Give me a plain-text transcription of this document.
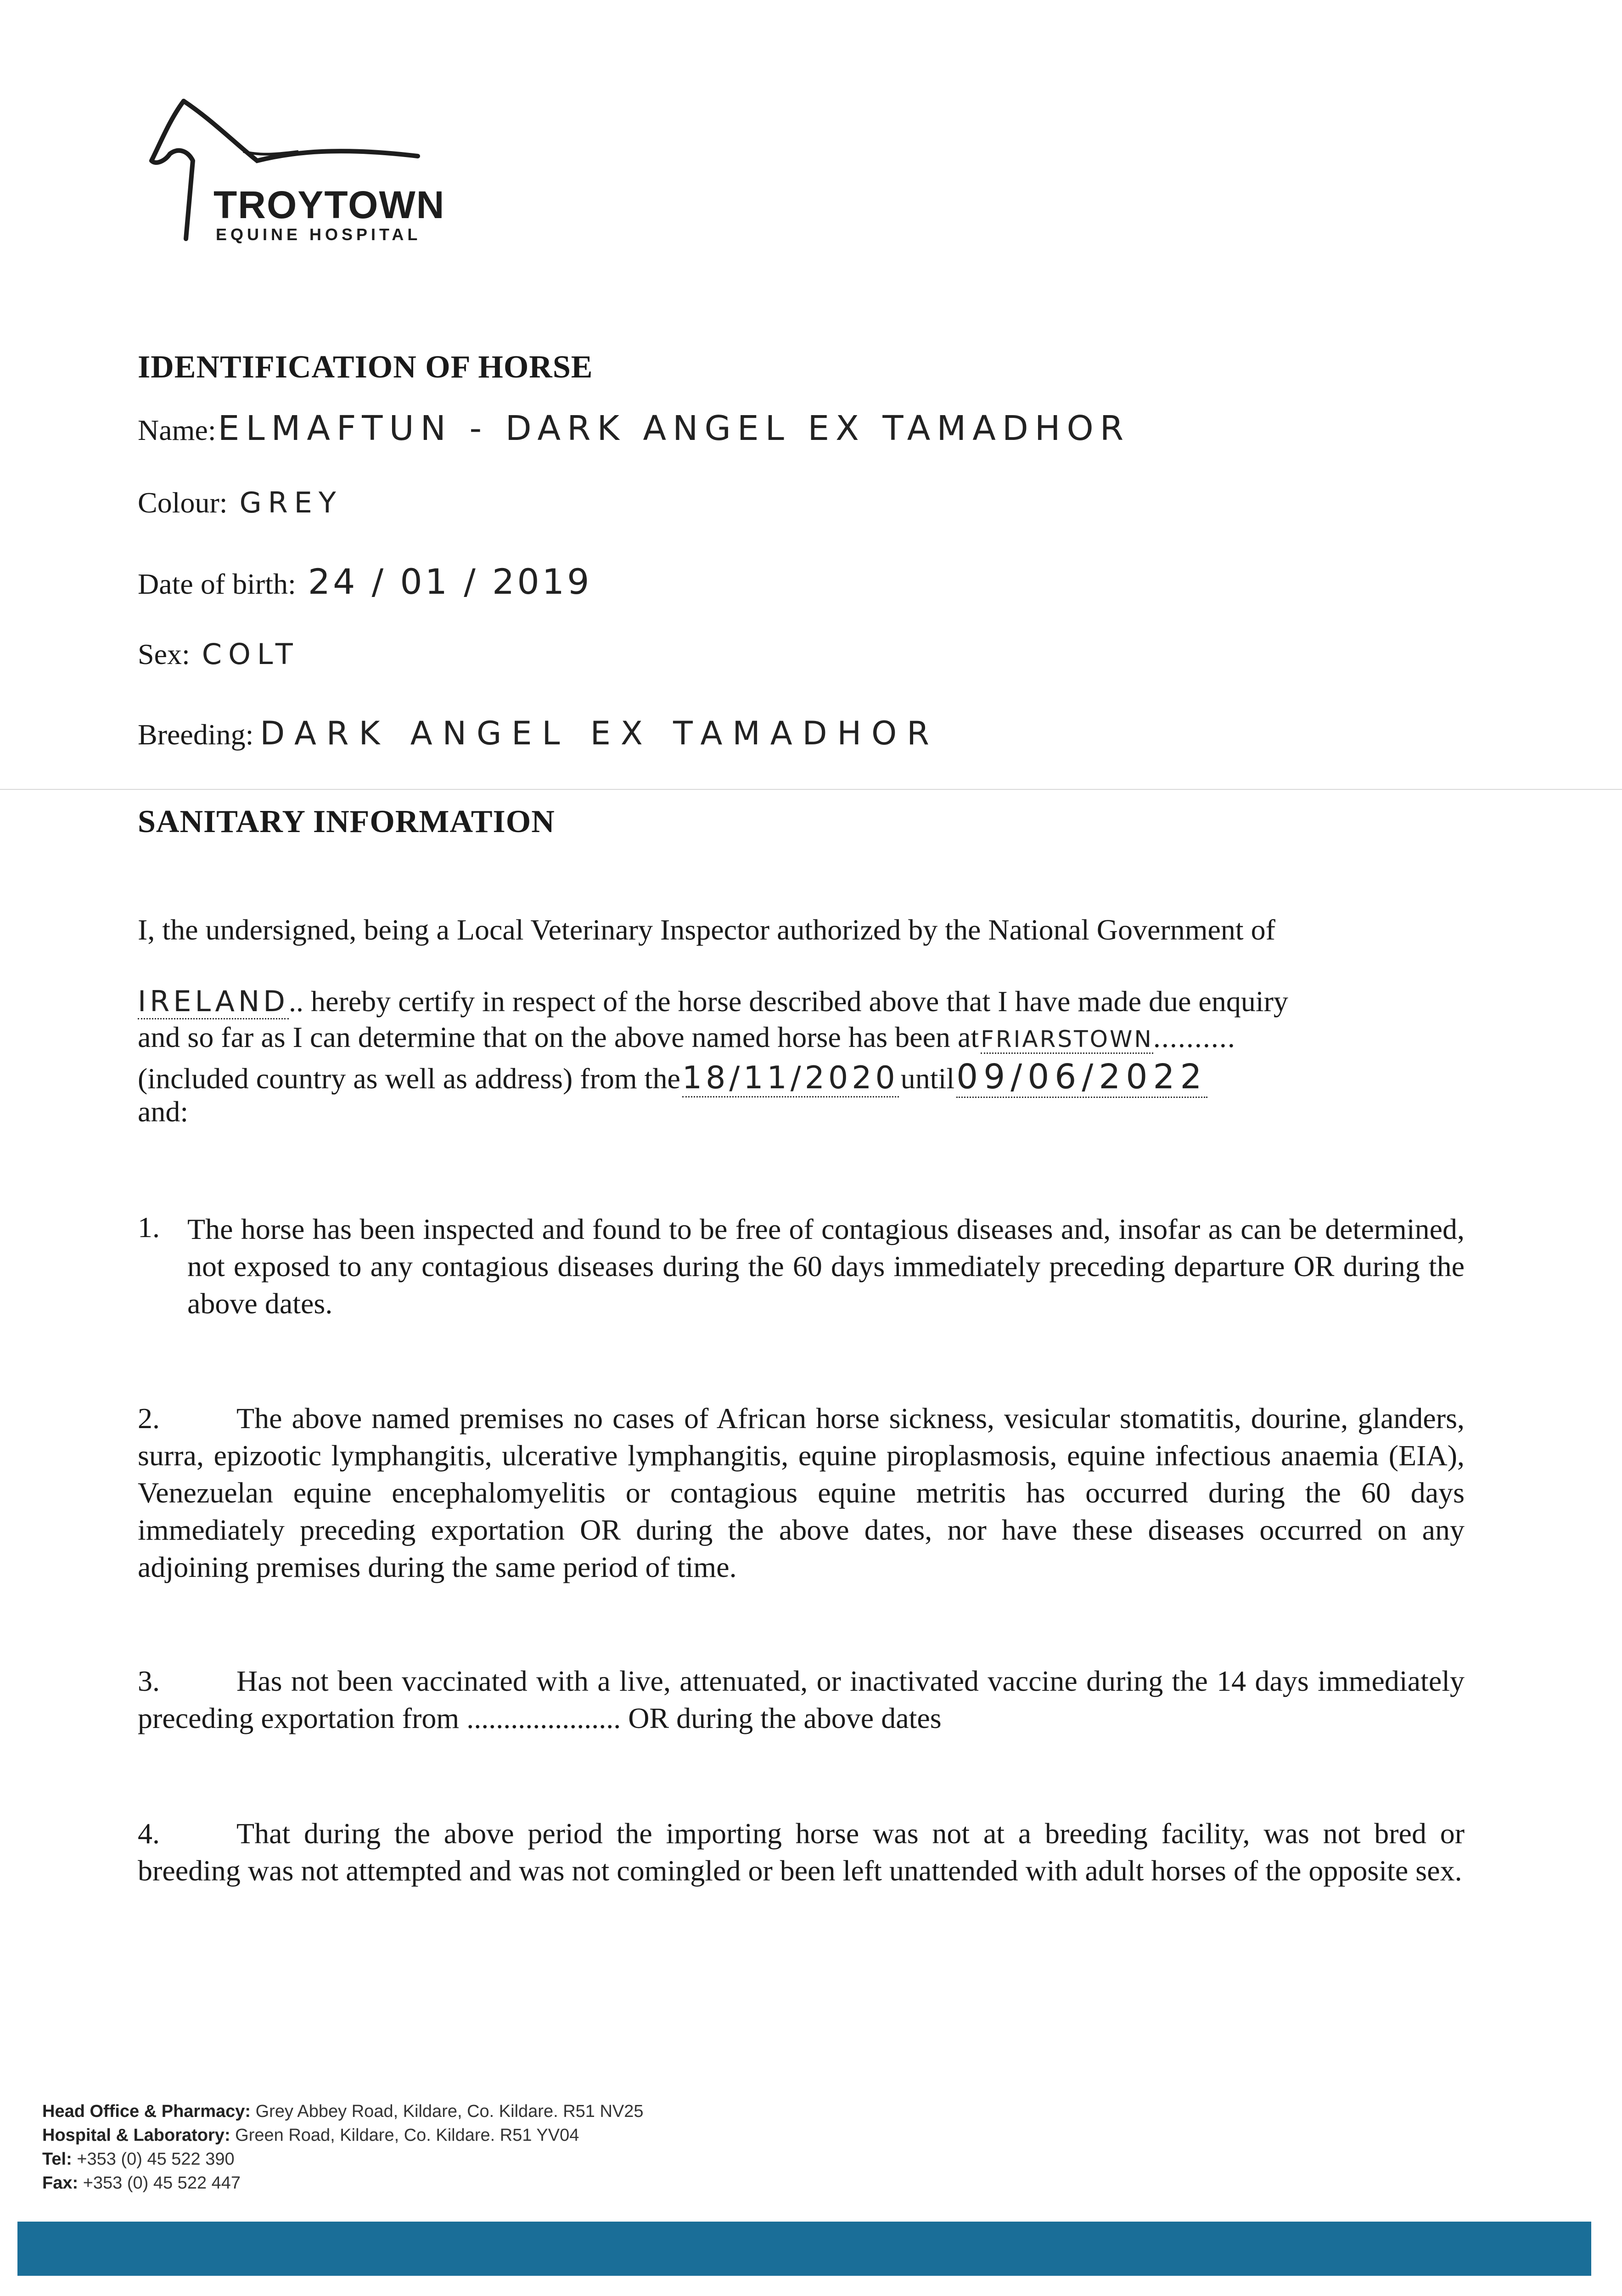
TROYTOWN
EQUINE HOSPITAL
IDENTIFICATION OF HORSE
Name: ELMAFTUN - DARK ANGEL EX TAMADHOR
Colour: GREY
Date of birth: 24 / 01 / 2019
Sex: COLT
Breeding: DARK ANGEL EX TAMADHOR
SANITARY INFORMATION
I, the undersigned, being a Local Veterinary Inspector authorized by the National Government of
IRELAND.. hereby certify in respect of the horse described above that I have made due enquiry
and so far as I can determine that on the above named horse has been at FRIARSTOWN..........
(included country as well as address) from the 18/11/2020 until 09/06/2022
and:
1. The horse has been inspected and found to be free of contagious diseases and, insofar as can be determined, not exposed to any contagious diseases during the 60 days immediately preceding departure OR during the above dates.
2.	The above named premises no cases of African horse sickness, vesicular stomatitis, dourine, glanders, surra, epizootic lymphangitis, ulcerative lymphangitis, equine piroplasmosis, equine infectious anaemia (EIA), Venezuelan equine encephalomyelitis or contagious equine metritis has occurred during the 60 days immediately preceding exportation OR during the above dates, nor have these diseases occurred on any adjoining premises during the same period of time.
3.	Has not been vaccinated with a live, attenuated, or inactivated vaccine during the 14 days immediately preceding exportation from ..................... OR during the above dates
4.	That during the above period the importing horse was not at a breeding facility, was not bred or breeding was not attempted and was not comingled or been left unattended with adult horses of the opposite sex.
Head Office & Pharmacy: Grey Abbey Road, Kildare, Co. Kildare. R51 NV25
Hospital & Laboratory: Green Road, Kildare, Co. Kildare. R51 YV04
Tel: +353 (0) 45 522 390
Fax: +353 (0) 45 522 447
